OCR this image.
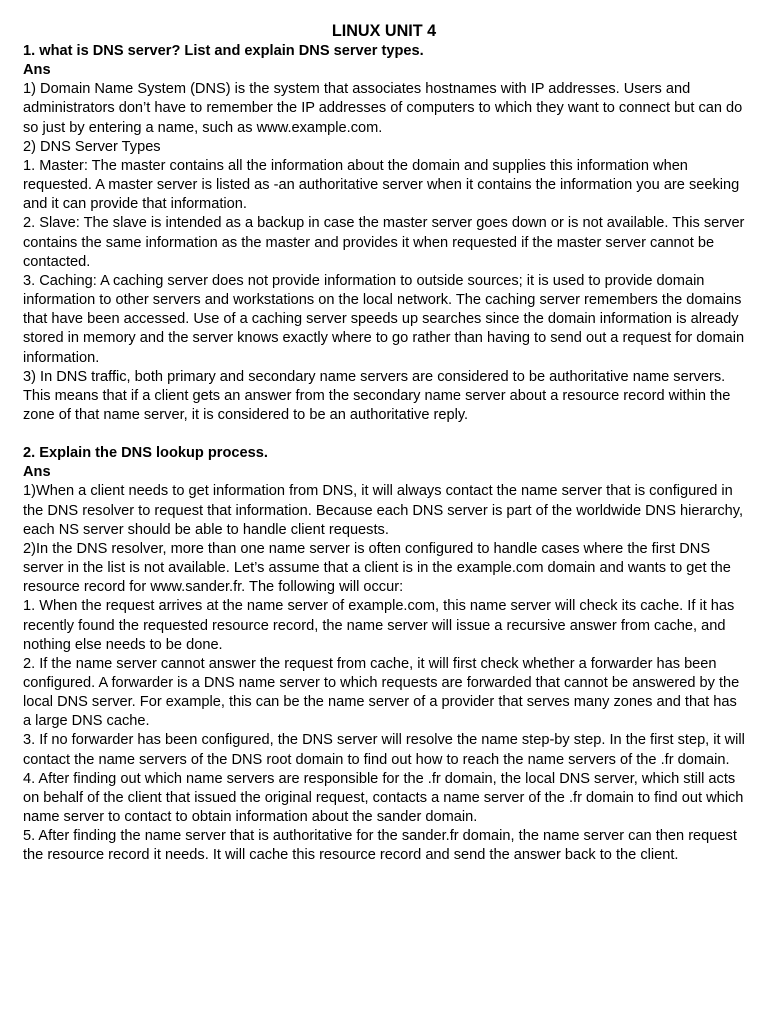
LINUX UNIT 4
1. what is DNS server? List and explain DNS server types.
Ans

1) Domain Name System (DNS) is the system that associates hostnames with IP addresses. Users and administrators don’t have to remember the IP addresses of computers to which they want to connect but can do so just by entering a name, such as www.example.com.

2) DNS Server Types

1. Master: The master contains all the information about the domain and supplies this information when requested. A master server is listed as -an authoritative server when it contains the information you are seeking and it can provide that information.

2. Slave: The slave is intended as a backup in case the master server goes down or is not available. This server contains the same information as the master and provides it when requested if the master server cannot be contacted.

3. Caching: A caching server does not provide information to outside sources; it is used to provide domain information to other servers and workstations on the local network. The caching server remembers the domains that have been accessed. Use of a caching server speeds up searches since the domain information is already stored in memory and the server knows exactly where to go rather than having to send out a request for domain information.

3) In DNS traffic, both primary and secondary name servers are considered to be authoritative name servers. This means that if a client gets an answer from the secondary name server about a resource record within the zone of that name server, it is considered to be an authoritative reply.

2. Explain the DNS lookup process.
Ans

1)When a client needs to get information from DNS, it will always contact the name server that is configured in the DNS resolver to request that information. Because each DNS server is part of the worldwide DNS hierarchy, each NS server should be able to handle client requests.

2)In the DNS resolver, more than one name server is often configured to handle cases where the first DNS server in the list is not available. Let’s assume that a client is in the example.com domain and wants to get the resource record for www.sander.fr. The following will occur:

1. When the request arrives at the name server of example.com, this name server will check its cache. If it has recently found the requested resource record, the name server will issue a recursive answer from cache, and nothing else needs to be done.

2. If the name server cannot answer the request from cache, it will first check whether a forwarder has been configured. A forwarder is a DNS name server to which requests are forwarded that cannot be answered by the local DNS server. For example, this can be the name server of a provider that serves many zones and that has a large DNS cache.

3. If no forwarder has been configured, the DNS server will resolve the name step-by step. In the first step, it will contact the name servers of the DNS root domain to find out how to reach the name servers of the .fr domain.

4. After finding out which name servers are responsible for the .fr domain, the local DNS server, which still acts on behalf of the client that issued the original request, contacts a name server of the .fr domain to find out which name server to contact to obtain information about the sander domain.

5. After finding the name server that is authoritative for the sander.fr domain, the name server can then request the resource record it needs. It will cache this resource record and send the answer back to the client.
